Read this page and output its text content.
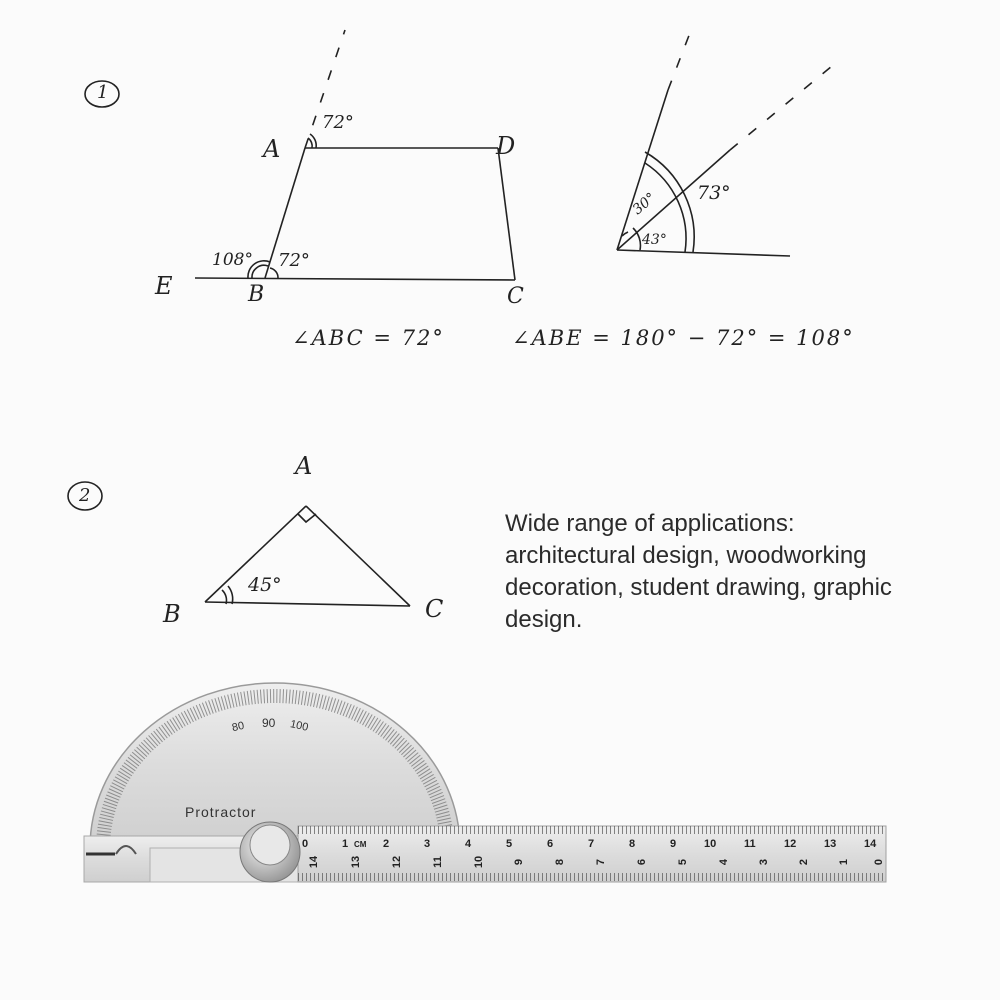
1
A	D
E	B	C
72°
72°
108°
∠ABC = 72°	∠ABE = 180° − 72° = 108°
73°
30°
43°
2
A
B	C
45°
Wide range of applications:
architectural design, woodworking
decoration, student drawing, graphic
design.
Protractor
90
80	100
0	1 CM 2	3	4	5	6	7	8	9	10	11	12	13	14
14	13	12	11	10	9	8	7	6	5	4	3	2	1 0
